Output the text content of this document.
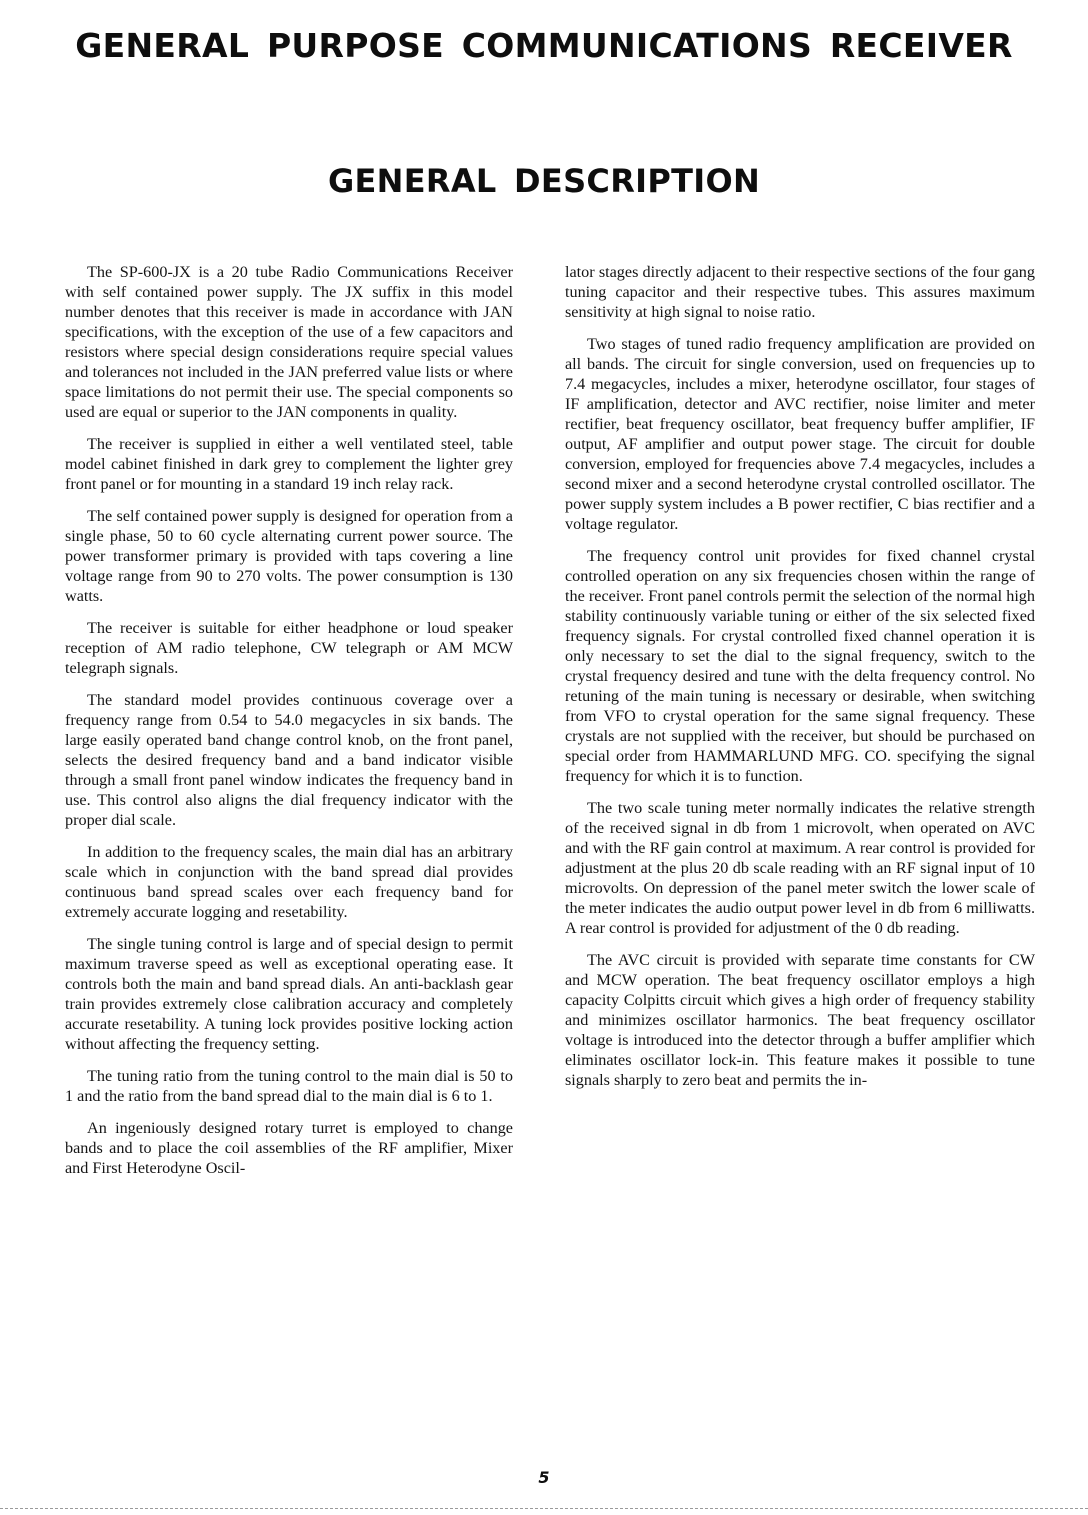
GENERAL PURPOSE COMMUNICATIONS RECEIVER
GENERAL DESCRIPTION

The SP-600-JX is a 20 tube Radio Communications Receiver with self contained power supply. The JX suffix in this model number denotes that this receiver is made in accordance with JAN specifications, with the exception of the use of a few capacitors and resistors where special design considerations require special values and tolerances not included in the JAN preferred value lists or where space limitations do not permit their use. The special components so used are equal or superior to the JAN components in quality.

The receiver is supplied in either a well ventilated steel, table model cabinet finished in dark grey to complement the lighter grey front panel or for mounting in a standard 19 inch relay rack.

The self contained power supply is designed for operation from a single phase, 50 to 60 cycle alternating current power source. The power transformer primary is provided with taps covering a line voltage range from 90 to 270 volts. The power consumption is 130 watts.

The receiver is suitable for either headphone or loud speaker reception of AM radio telephone, CW telegraph or AM MCW telegraph signals.

The standard model provides continuous coverage over a frequency range from 0.54 to 54.0 megacycles in six bands. The large easily operated band change control knob, on the front panel, selects the desired frequency band and a band indicator visible through a small front panel window indicates the frequency band in use. This control also aligns the dial frequency indicator with the proper dial scale.

In addition to the frequency scales, the main dial has an arbitrary scale which in conjunction with the band spread dial provides continuous band spread scales over each frequency band for extremely accurate logging and resetability.

The single tuning control is large and of special design to permit maximum traverse speed as well as exceptional operating ease. It controls both the main and band spread dials. An anti-backlash gear train provides extremely close calibration accuracy and completely accurate resetability. A tuning lock provides positive locking action without affecting the frequency setting.

The tuning ratio from the tuning control to the main dial is 50 to 1 and the ratio from the band spread dial to the main dial is 6 to 1.

An ingeniously designed rotary turret is employed to change bands and to place the coil assemblies of the RF amplifier, Mixer and First Heterodyne Oscil-

lator stages directly adjacent to their respective sections of the four gang tuning capacitor and their respective tubes. This assures maximum sensitivity at high signal to noise ratio.

Two stages of tuned radio frequency amplification are provided on all bands. The circuit for single conversion, used on frequencies up to 7.4 megacycles, includes a mixer, heterodyne oscillator, four stages of IF amplification, detector and AVC rectifier, noise limiter and meter rectifier, beat frequency oscillator, beat frequency buffer amplifier, IF output, AF amplifier and output power stage. The circuit for double conversion, employed for frequencies above 7.4 megacycles, includes a second mixer and a second heterodyne crystal controlled oscillator. The power supply system includes a B power rectifier, C bias rectifier and a voltage regulator.

The frequency control unit provides for fixed channel crystal controlled operation on any six frequencies chosen within the range of the receiver. Front panel controls permit the selection of the normal high stability continuously variable tuning or either of the six selected fixed frequency signals. For crystal controlled fixed channel operation it is only necessary to set the dial to the signal frequency, switch to the crystal frequency desired and tune with the delta frequency control. No retuning of the main tuning is necessary or desirable, when switching from VFO to crystal operation for the same signal frequency. These crystals are not supplied with the receiver, but should be purchased on special order from HAMMARLUND MFG. CO. specifying the signal frequency for which it is to function.

The two scale tuning meter normally indicates the relative strength of the received signal in db from 1 microvolt, when operated on AVC and with the RF gain control at maximum. A rear control is provided for adjustment at the plus 20 db scale reading with an RF signal input of 10 microvolts. On depression of the panel meter switch the lower scale of the meter indicates the audio output power level in db from 6 milliwatts. A rear control is provided for adjustment of the 0 db reading.

The AVC circuit is provided with separate time constants for CW and MCW operation. The beat frequency oscillator employs a high capacity Colpitts circuit which gives a high order of frequency stability and minimizes oscillator harmonics. The beat frequency oscillator voltage is introduced into the detector through a buffer amplifier which eliminates oscillator lock-in. This feature makes it possible to tune signals sharply to zero beat and permits the in-

5
